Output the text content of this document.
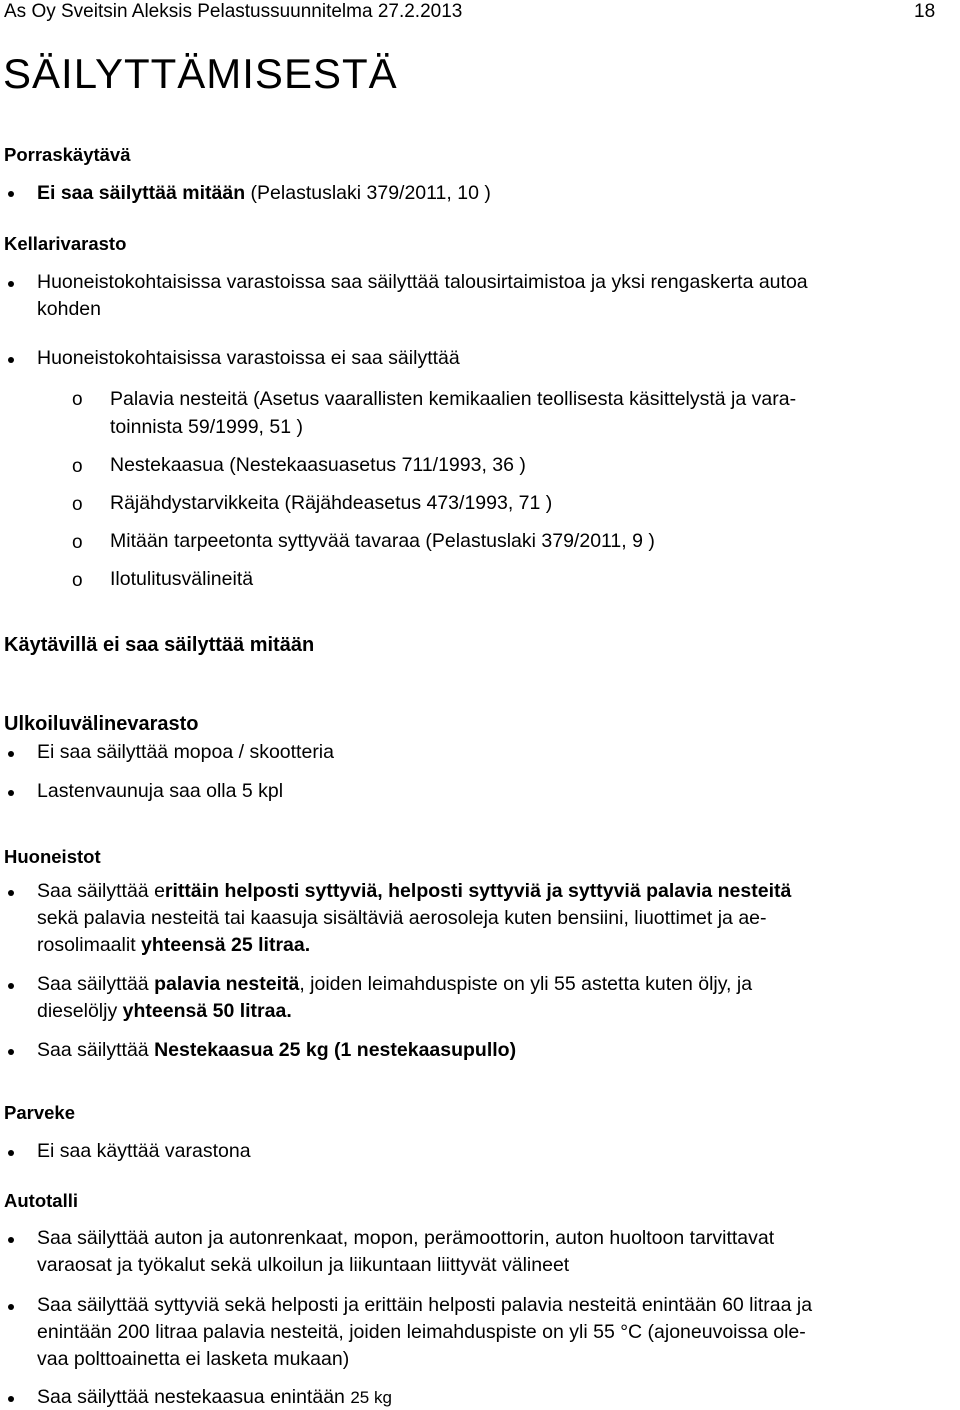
As Oy Sveitsin Aleksis Pelastussuunnitelma 27.2.2013	18
SÄILYTTÄMISESTÄ
Porraskäytävä
Ei saa säilyttää mitään (Pelastuslaki 379/2011, 10 )
Kellarivarasto
Huoneistokohtaisissa varastoissa saa säilyttää talousirtaimistoa ja yksi rengaskerta autoa
kohden
Huoneistokohtaisissa varastoissa ei saa säilyttää
o Palavia nesteitä (Asetus vaarallisten kemikaalien teollisesta käsittelystä ja vara-
toinnista 59/1999, 51 )
o Nestekaasua (Nestekaasuasetus 711/1993, 36 )
o Räjähdystarvikkeita (Räjähdeasetus 473/1993, 71 )
o Mitään tarpeetonta syttyvää tavaraa (Pelastuslaki 379/2011, 9 )
o Ilotulitusvälineitä
Käytävillä ei saa säilyttää mitään
Ulkoiluvälinevarasto
Ei saa säilyttää mopoa / skootteria
Lastenvaunuja saa olla 5 kpl
Huoneistot
Saa säilyttää erittäin helposti syttyviä, helposti syttyviä ja syttyviä palavia nesteitä
sekä palavia nesteitä tai kaasuja sisältäviä aerosoleja kuten bensiini, liuottimet ja ae-
rosolimaalit yhteensä 25 litraa.
Saa säilyttää palavia nesteitä, joiden leimahduspiste on yli 55 astetta kuten öljy, ja
dieselöljy yhteensä 50 litraa.
Saa säilyttää Nestekaasua 25 kg (1 nestekaasupullo)
Parveke
Ei saa käyttää varastona
Autotalli
Saa säilyttää auton ja autonrenkaat, mopon, perämoottorin, auton huoltoon tarvittavat
varaosat ja työkalut sekä ulkoilun ja liikuntaan liittyvät välineet
Saa säilyttää syttyviä sekä helposti ja erittäin helposti palavia nesteitä enintään 60 litraa ja
enintään 200 litraa palavia nesteitä, joiden leimahduspiste on yli 55 °C (ajoneuvoissa ole-
vaa polttoainetta ei lasketa mukaan)
Saa säilyttää nestekaasua enintään 25 kg
